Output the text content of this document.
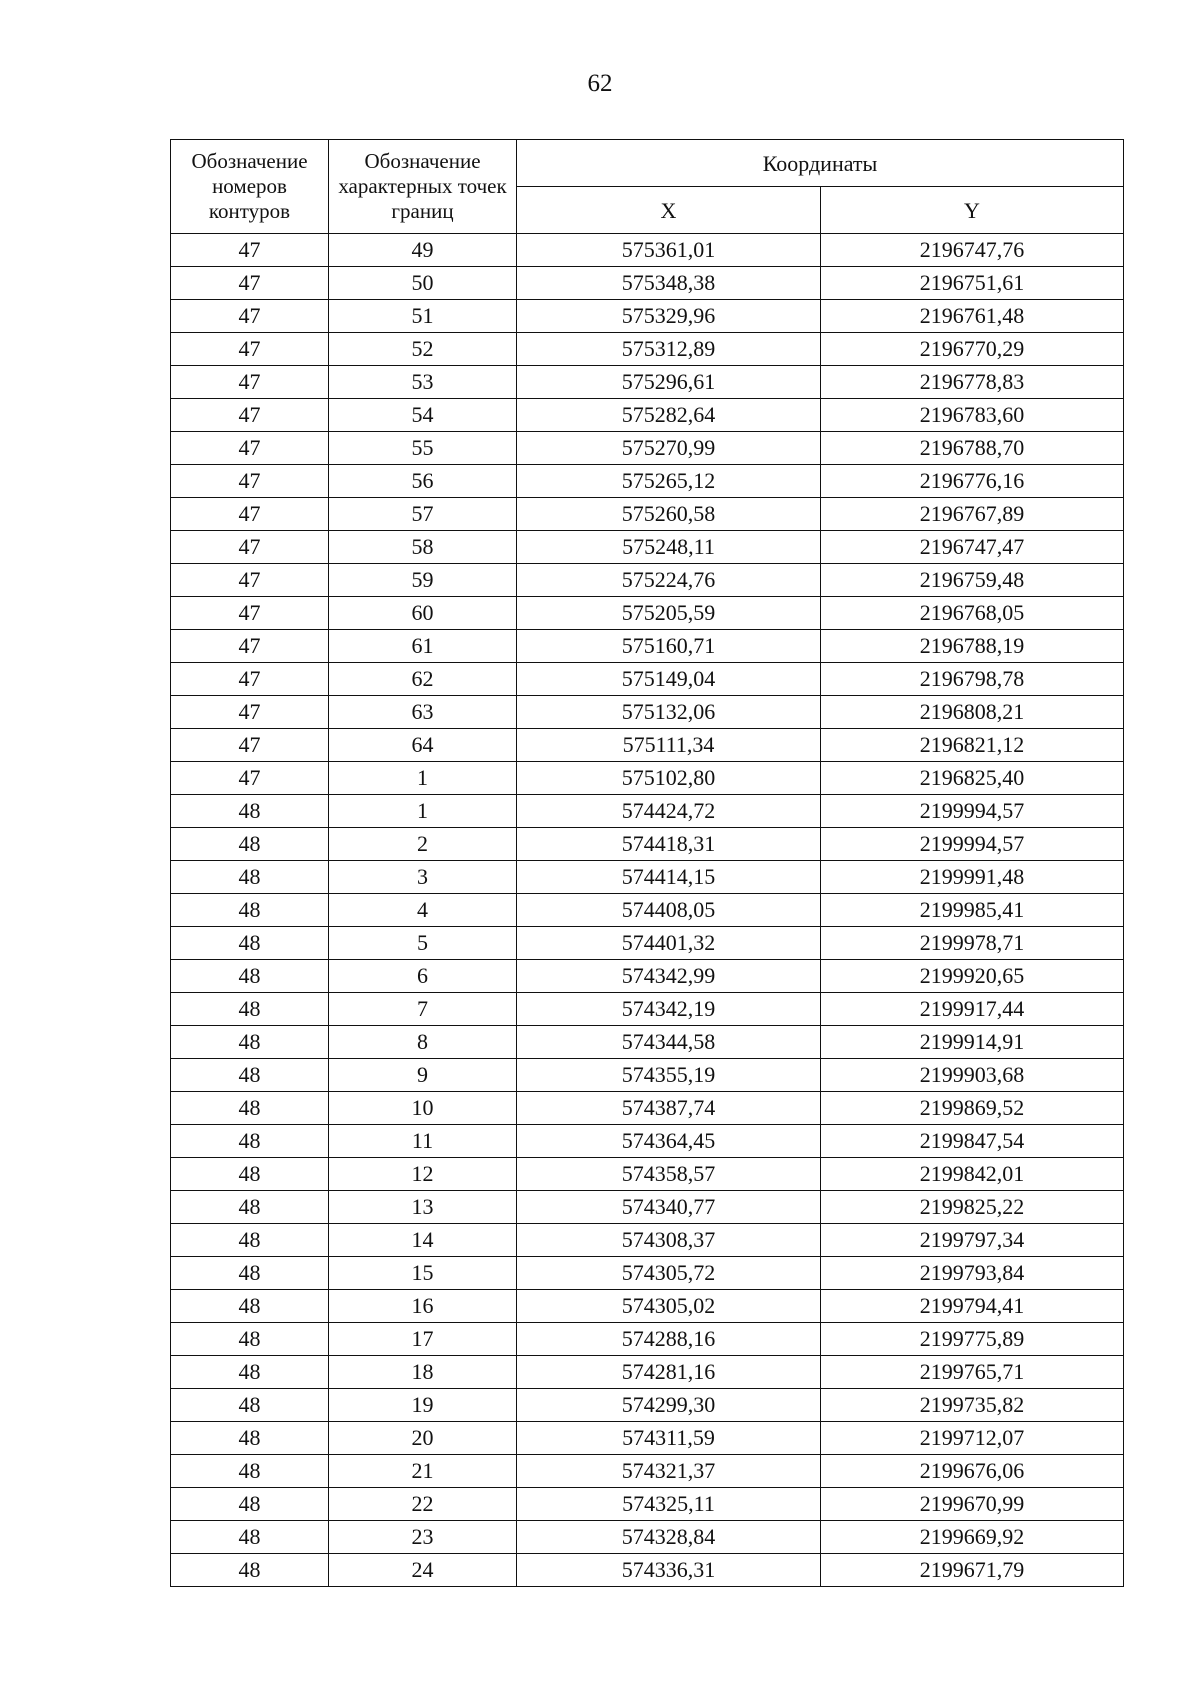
62
Обозначение номеров контуров	Обозначение характерных точек границ	Координаты	
		X	Y
47	49	575361,01	2196747,76
47	50	575348,38	2196751,61
47	51	575329,96	2196761,48
47	52	575312,89	2196770,29
47	53	575296,61	2196778,83
47	54	575282,64	2196783,60
47	55	575270,99	2196788,70
47	56	575265,12	2196776,16
47	57	575260,58	2196767,89
47	58	575248,11	2196747,47
47	59	575224,76	2196759,48
47	60	575205,59	2196768,05
47	61	575160,71	2196788,19
47	62	575149,04	2196798,78
47	63	575132,06	2196808,21
47	64	575111,34	2196821,12
47	1	575102,80	2196825,40
48	1	574424,72	2199994,57
48	2	574418,31	2199994,57
48	3	574414,15	2199991,48
48	4	574408,05	2199985,41
48	5	574401,32	2199978,71
48	6	574342,99	2199920,65
48	7	574342,19	2199917,44
48	8	574344,58	2199914,91
48	9	574355,19	2199903,68
48	10	574387,74	2199869,52
48	11	574364,45	2199847,54
48	12	574358,57	2199842,01
48	13	574340,77	2199825,22
48	14	574308,37	2199797,34
48	15	574305,72	2199793,84
48	16	574305,02	2199794,41
48	17	574288,16	2199775,89
48	18	574281,16	2199765,71
48	19	574299,30	2199735,82
48	20	574311,59	2199712,07
48	21	574321,37	2199676,06
48	22	574325,11	2199670,99
48	23	574328,84	2199669,92
48	24	574336,31	2199671,79
